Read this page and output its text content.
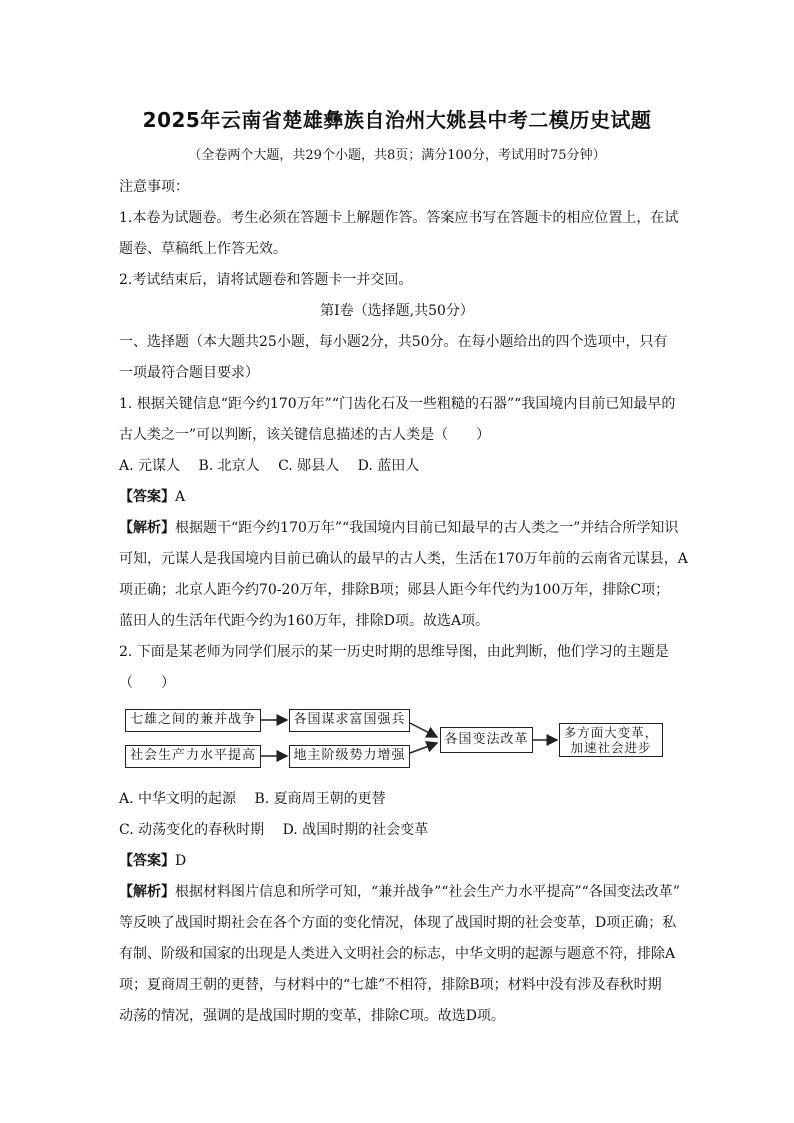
2025年云南省楚雄彝族自治州大姚县中考二模历史试题
（全卷两个大题，共29个小题，共8页；满分100分，考试用时75分钟）
注意事项：
1.本卷为试题卷。考生必须在答题卡上解题作答。答案应书写在答题卡的相应位置上，在试
题卷、草稿纸上作答无效。
2.考试结束后，请将试题卷和答题卡一并交回。
第Ⅰ卷（选择题,共50分）
一、选择题（本大题共25小题，每小题2分，共50分。在每小题给出的四个选项中，只有
一项最符合题目要求）
1. 根据关键信息“距今约170万年”“门齿化石及一些粗糙的石器”“我国境内目前已知最早的
古人类之一”可以判断，该关键信息描述的古人类是（　　）
A. 元谋人　 B. 北京人　 C. 郧县人　 D. 蓝田人
【答案】A
【解析】根据题干“距今约170万年”“我国境内目前已知最早的古人类之一”并结合所学知识
可知，元谋人是我国境内目前已确认的最早的古人类，生活在170万年前的云南省元谋县，A
项正确；北京人距今约70-20万年，排除B项；郧县人距今年代约为100万年，排除C项；
蓝田人的生活年代距今约为160万年，排除D项。故选A项。
2. 下面是某老师为同学们展示的某一历史时期的思维导图，由此判断，他们学习的主题是
（　　）
七雄之间的兼并战争	各国谋求富国强兵
社会生产力水平提高	地主阶级势力增强
各国变法改革	多方面大变革，
加速社会进步
A. 中华文明的起源　 B. 夏商周王朝的更替
C. 动荡变化的春秋时期　 D. 战国时期的社会变革
【答案】D
【解析】根据材料图片信息和所学可知，“兼并战争”“社会生产力水平提高”“各国变法改革”
等反映了战国时期社会在各个方面的变化情况，体现了战国时期的社会变革，D项正确；私
有制、阶级和国家的出现是人类进入文明社会的标志，中华文明的起源与题意不符，排除A
项；夏商周王朝的更替，与材料中的“七雄”不相符，排除B项；材料中没有涉及春秋时期
动荡的情况，强调的是战国时期的变革，排除C项。故选D项。
